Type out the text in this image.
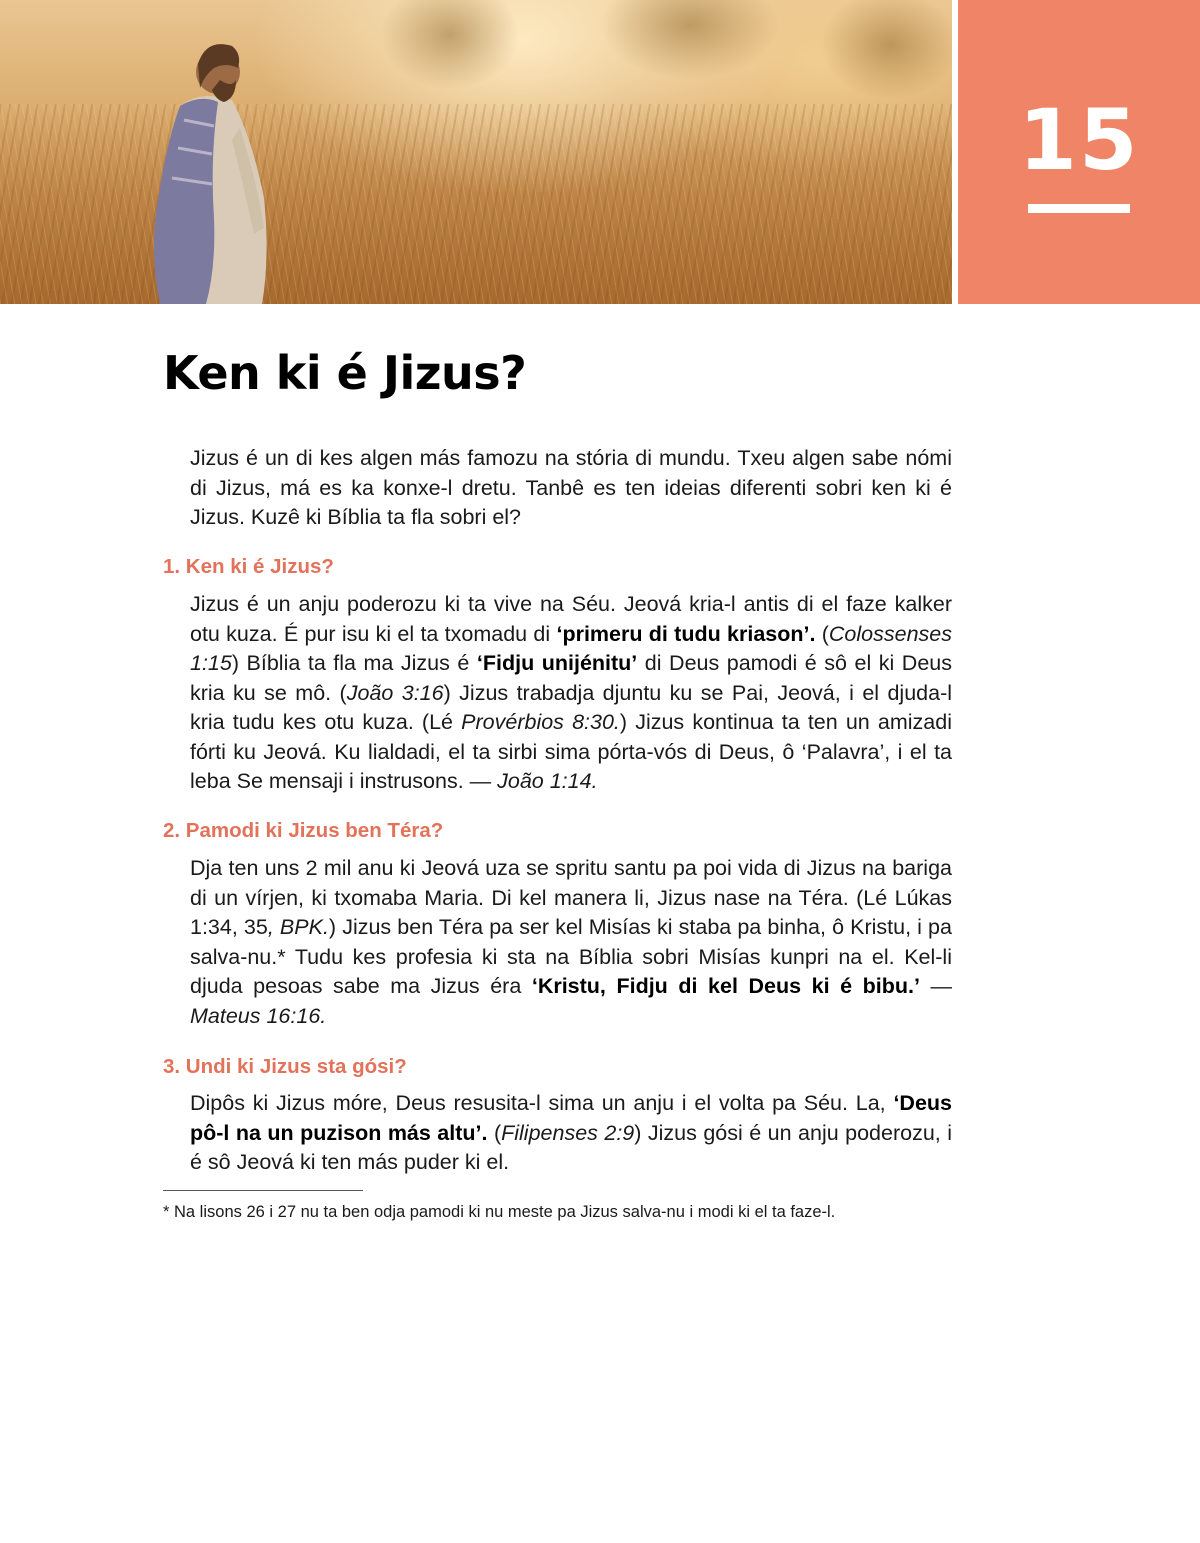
15
Ken ki é Jizus?

Jizus é un di kes algen más famozu na stória di mundu. Txeu algen sabe nómi di Jizus, má es ka konxe-l dretu. Tanbê es ten ideias diferenti sobri ken ki é Jizus. Kuzê ki Bíblia ta fla sobri el?

1. Ken ki é Jizus?

Jizus é un anju poderozu ki ta vive na Séu. Jeová kria-l antis di el faze kalker otu kuza. É pur isu ki el ta txomadu di ‘primeru di tudu kriason’. (Colossenses 1:15) Bíblia ta fla ma Jizus é ‘Fidju unijénitu’ di Deus pamodi é sô el ki Deus kria ku se mô. (João 3:16) Jizus trabadja djuntu ku se Pai, Jeová, i el djuda-l kria tudu kes otu kuza. (Lé Provérbios 8:30.) Jizus kontinua ta ten un amizadi fórti ku Jeová. Ku lialdadi, el ta sirbi sima pórta-vós di Deus, ô ‘Palavra’, i el ta leba Se mensaji i instrusons. — João 1:14.

2. Pamodi ki Jizus ben Téra?

Dja ten uns 2 mil anu ki Jeová uza se spritu santu pa poi vida di Jizus na bariga di un vírjen, ki txomaba Maria. Di kel manera li, Jizus nase na Téra. (Lé Lúkas 1:34, 35, BPK.) Jizus ben Téra pa ser kel Misías ki staba pa binha, ô Kristu, i pa salva-nu.* Tudu kes profesia ki sta na Bíblia sobri Misías kunpri na el. Kel-li djuda pesoas sabe ma Jizus éra ‘Kristu, Fidju di kel Deus ki é bibu.’ — Mateus 16:16.

3. Undi ki Jizus sta gósi?

Dipôs ki Jizus móre, Deus resusita-l sima un anju i el volta pa Séu. La, ‘Deus pô-l na un puzison más altu’. (Filipenses 2:9) Jizus gósi é un anju poderozu, i é sô Jeová ki ten más puder ki el.

* Na lisons 26 i 27 nu ta ben odja pamodi ki nu meste pa Jizus salva-nu i modi ki el ta faze-l.
